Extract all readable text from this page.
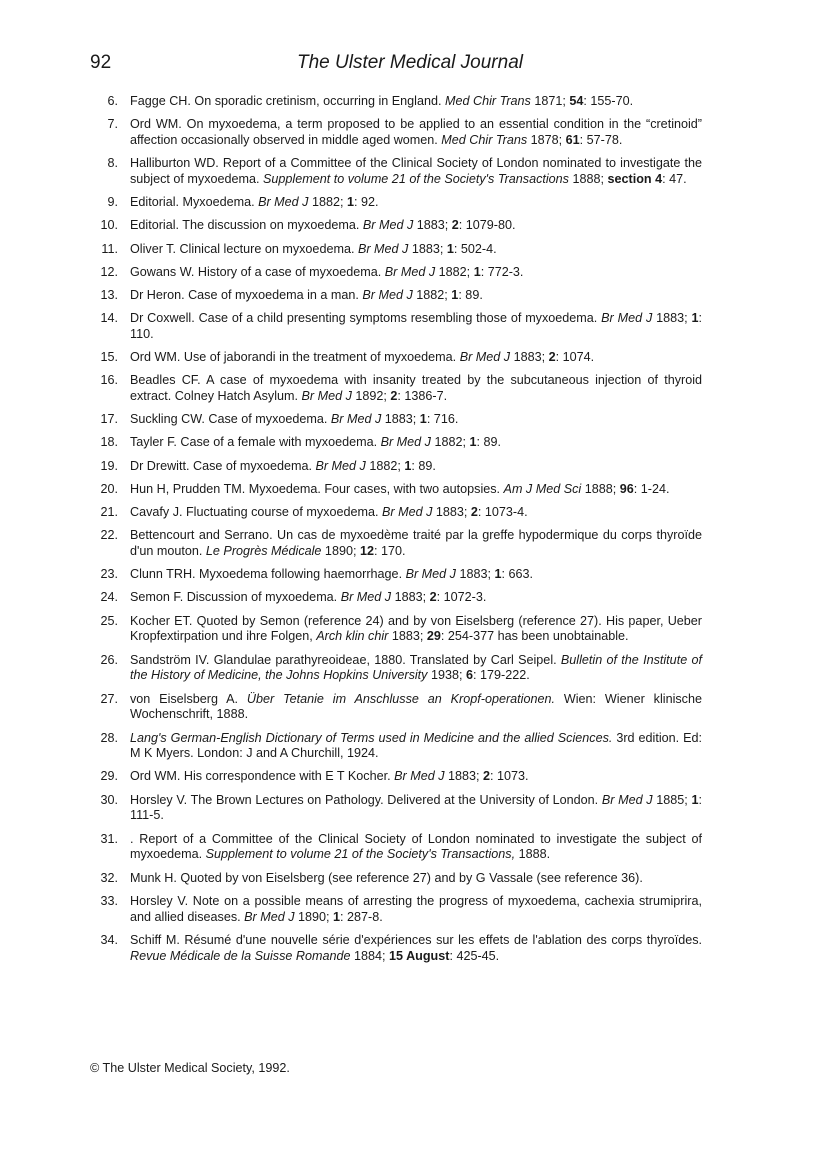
92	The Ulster Medical Journal
6. Fagge CH. On sporadic cretinism, occurring in England. Med Chir Trans 1871; 54: 155-70.
7. Ord WM. On myxoedema, a term proposed to be applied to an essential condition in the “cretinoid” affection occasionally observed in middle aged women. Med Chir Trans 1878; 61: 57-78.
8. Halliburton WD. Report of a Committee of the Clinical Society of London nominated to investigate the subject of myxoedema. Supplement to volume 21 of the Society's Transactions 1888; section 4: 47.
9. Editorial. Myxoedema. Br Med J 1882; 1: 92.
10. Editorial. The discussion on myxoedema. Br Med J 1883; 2: 1079-80.
11. Oliver T. Clinical lecture on myxoedema. Br Med J 1883; 1: 502-4.
12. Gowans W. History of a case of myxoedema. Br Med J 1882; 1: 772-3.
13. Dr Heron. Case of myxoedema in a man. Br Med J 1882; 1: 89.
14. Dr Coxwell. Case of a child presenting symptoms resembling those of myxoedema. Br Med J 1883; 1: 110.
15. Ord WM. Use of jaborandi in the treatment of myxoedema. Br Med J 1883; 2: 1074.
16. Beadles CF. A case of myxoedema with insanity treated by the subcutaneous injection of thyroid extract. Colney Hatch Asylum. Br Med J 1892; 2: 1386-7.
17. Suckling CW. Case of myxoedema. Br Med J 1883; 1: 716.
18. Tayler F. Case of a female with myxoedema. Br Med J 1882; 1: 89.
19. Dr Drewitt. Case of myxoedema. Br Med J 1882; 1: 89.
20. Hun H, Prudden TM. Myxoedema. Four cases, with two autopsies. Am J Med Sci 1888; 96: 1-24.
21. Cavafy J. Fluctuating course of myxoedema. Br Med J 1883; 2: 1073-4.
22. Bettencourt and Serrano. Un cas de myxoedème traité par la greffe hypodermique du corps thyroïde d'un mouton. Le Progrès Médicale 1890; 12: 170.
23. Clunn TRH. Myxoedema following haemorrhage. Br Med J 1883; 1: 663.
24. Semon F. Discussion of myxoedema. Br Med J 1883; 2: 1072-3.
25. Kocher ET. Quoted by Semon (reference 24) and by von Eiselsberg (reference 27). His paper, Ueber Kropfextirpation und ihre Folgen, Arch klin chir 1883; 29: 254-377 has been unobtainable.
26. Sandström IV. Glandulae parathyreoideae, 1880. Translated by Carl Seipel. Bulletin of the Institute of the History of Medicine, the Johns Hopkins University 1938; 6: 179-222.
27. von Eiselsberg A. Über Tetanie im Anschlusse an Kropf-operationen. Wien: Wiener klinische Wochenschrift, 1888.
28. Lang's German-English Dictionary of Terms used in Medicine and the allied Sciences. 3rd edition. Ed: M K Myers. London: J and A Churchill, 1924.
29. Ord WM. His correspondence with E T Kocher. Br Med J 1883; 2: 1073.
30. Horsley V. The Brown Lectures on Pathology. Delivered at the University of London. Br Med J 1885; 1: 111-5.
31. . Report of a Committee of the Clinical Society of London nominated to investigate the subject of myxoedema. Supplement to volume 21 of the Society's Transactions, 1888.
32. Munk H. Quoted by von Eiselsberg (see reference 27) and by G Vassale (see reference 36).
33. Horsley V. Note on a possible means of arresting the progress of myxoedema, cachexia strumiprira, and allied diseases. Br Med J 1890; 1: 287-8.
34. Schiff M. Résumé d'une nouvelle série d'expériences sur les effets de l'ablation des corps thyroïdes. Revue Médicale de la Suisse Romande 1884; 15 August: 425-45.
© The Ulster Medical Society, 1992.
